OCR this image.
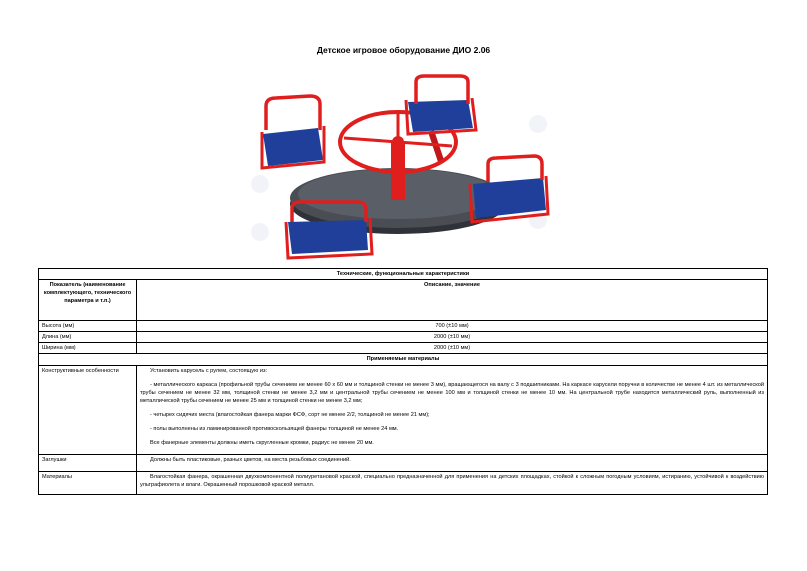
Детское игровое оборудование ДИО 2.06
Технические, функциональные характеристики	
Показатель (наименование комплектующего, технического параметра и т.п.)	Описание, значение
Высота (мм)	700 (±10 мм)
Длина (мм)	2000 (±10 мм)
Ширина (мм)	2000 (±10 мм)
Применяемые материалы	
Конструктивные особенности	Установить карусель с рулем, состоящую из:

- металлического каркаса (профильной трубы сечением не менее 60 х 60 мм и толщиной стенки не менее 3 мм), вращающегося на валу с 3 подшипниками. На каркасе карусели поручни в количестве не менее 4 шт. из металлической трубы сечением не менее 32 мм, толщиной стенки не менее 3,2 мм и центральной трубы сечением не менее 100 мм и толщиной стенки не менее 10 мм. На центральной трубе находится металлический руль, выполненный из металлической трубы сечением не менее 25 мм и толщиной стенки не менее 3,2 мм;

- четырех сидячих места (влагостойкая фанера марки ФСФ, сорт не менее 2/2, толщиной не менее 21 мм);

- полы выполнены из ламинированной противоскользящей фанеры толщиной не менее 24 мм.

Все фанерные элементы должны иметь скругленные кромки, радиус не менее 20 мм.

Заглушки	Должны быть пластиковые, разных цветов, на места резьбовых соединений.

Материалы	Влагостойкая фанера, окрашенная двухкомпонентной полиуретановой краской, специально предназначенной для применения на детских площадках, стойкой к сложным погодным условиям, истиранию, устойчивой к воздействию ультрафиолета и влаги. Окрашенный порошковой краской металл.
